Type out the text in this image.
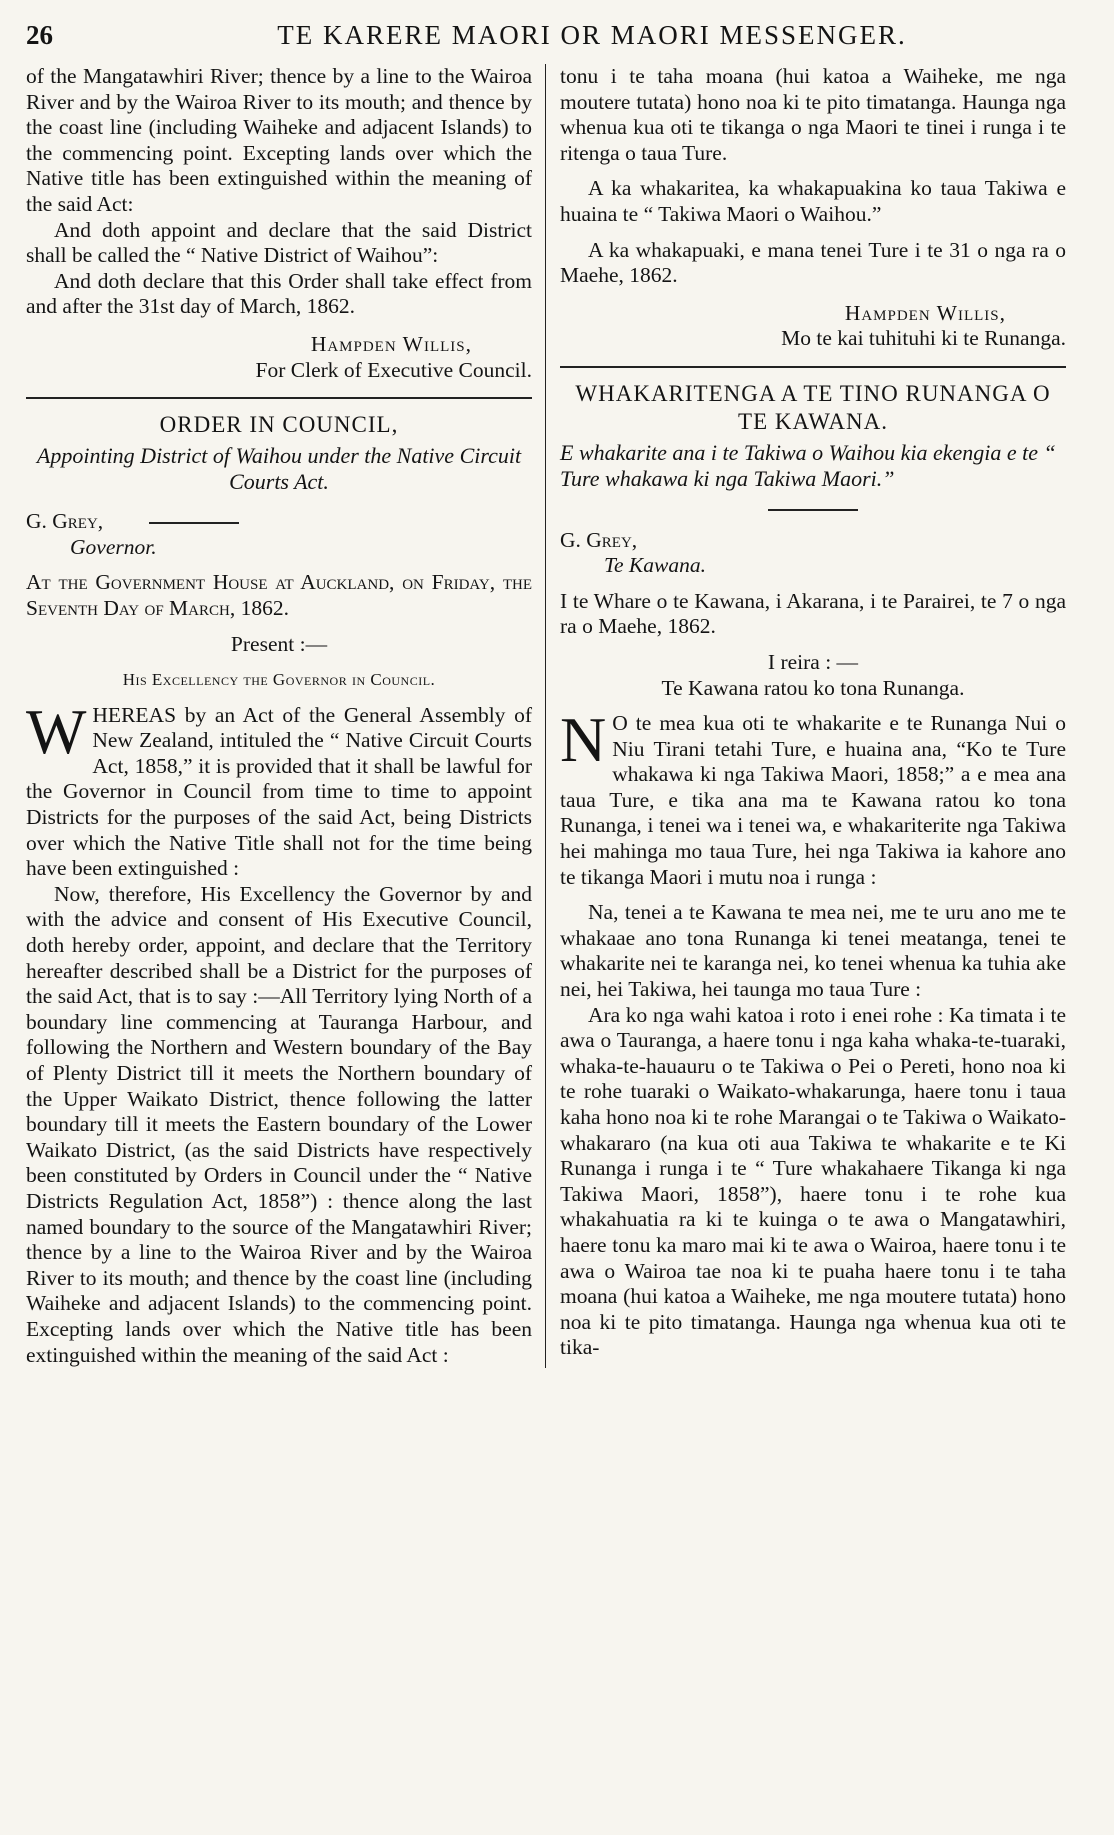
26	TE KARERE MAORI OR MAORI MESSENGER.

of the Mangatawhiri River; thence by a line to the Wairoa River and by the Wairoa River to its mouth; and thence by the coast line (including Waiheke and adjacent Islands) to the commencing point. Excepting lands over which the Native title has been extinguished within the meaning of the said Act:

And doth appoint and declare that the said District shall be called the “ Native District of Waihou”:

And doth declare that this Order shall take effect from and after the 31st day of March, 1862.

Hampden Willis,
For Clerk of Executive Council.
ORDER IN COUNCIL,
Appointing District of Waihou under the Native Circuit Courts Act.
G. Grey,
Governor.

At the Government House at Auckland, on Friday, the Seventh Day of March, 1862.

Present :—

His Excellency the Governor in Council.

W HEREAS by an Act of the General Assembly of New Zealand, intituled the “ Native Circuit Courts Act, 1858,” it is provided that it shall be lawful for the Governor in Council from time to time to appoint Districts for the purposes of the said Act, being Districts over which the Native Title shall not for the time being have been extinguished :

Now, therefore, His Excellency the Governor by and with the advice and consent of His Executive Council, doth hereby order, appoint, and declare that the Territory hereafter described shall be a District for the purposes of the said Act, that is to say :—All Territory lying North of a boundary line commencing at Tauranga Harbour, and following the Northern and Western boundary of the Bay of Plenty District till it meets the Northern boundary of the Upper Waikato District, thence following the latter boundary till it meets the Eastern boundary of the Lower Waikato District, (as the said Districts have respectively been constituted by Orders in Council under the “ Native Districts Regulation Act, 1858”) : thence along the last named boundary to the source of the Mangatawhiri River; thence by a line to the Wairoa River and by the Wairoa River to its mouth; and thence by the coast line (including Waiheke and adjacent Islands) to the commencing point. Excepting lands over which the Native title has been extinguished within the meaning of the said Act :

tonu i te taha moana (hui katoa a Waiheke, me nga moutere tutata) hono noa ki te pito timatanga. Haunga nga whenua kua oti te tikanga o nga Maori te tinei i runga i te ritenga o taua Ture.

A ka whakaritea, ka whakapuakina ko taua Takiwa e huaina te “ Takiwa Maori o Waihou.”

A ka whakapuaki, e mana tenei Ture i te 31 o nga ra o Maehe, 1862.

Hampden Willis,
Mo te kai tuhituhi ki te Runanga.
WHAKARITENGA A TE TINO RUNANGA O TE KAWANA.
E whakarite ana i te Takiwa o Waihou kia ekengia e te “ Ture whakawa ki nga Takiwa Maori.”
G. Grey,
Te Kawana.

I te Whare o te Kawana, i Akarana, i te Parairei, te 7 o nga ra o Maehe, 1862.

I reira : —

Te Kawana ratou ko tona Runanga.

N O te mea kua oti te whakarite e te Runanga Nui o Niu Tirani tetahi Ture, e huaina ana, “Ko te Ture whakawa ki nga Takiwa Maori, 1858;” a e mea ana taua Ture, e tika ana ma te Kawana ratou ko tona Runanga, i tenei wa i tenei wa, e whakariterite nga Takiwa hei mahinga mo taua Ture, hei nga Takiwa ia kahore ano te tikanga Maori i mutu noa i runga :

Na, tenei a te Kawana te mea nei, me te uru ano me te whakaae ano tona Runanga ki tenei meatanga, tenei te whakarite nei te karanga nei, ko tenei whenua ka tuhia ake nei, hei Takiwa, hei taunga mo taua Ture :

Ara ko nga wahi katoa i roto i enei rohe : Ka timata i te awa o Tauranga, a haere tonu i nga kaha whaka-te-tuaraki, whaka-te-hauauru o te Takiwa o Pei o Pereti, hono noa ki te rohe tuaraki o Waikato-whakarunga, haere tonu i taua kaha hono noa ki te rohe Marangai o te Takiwa o Waikato-whakararo (na kua oti aua Takiwa te whakarite e te Ki Runanga i runga i te “ Ture whakahaere Tikanga ki nga Takiwa Maori, 1858”), haere tonu i te rohe kua whakahuatia ra ki te kuinga o te awa o Mangatawhiri, haere tonu ka maro mai ki te awa o Wairoa, haere tonu i te awa o Wairoa tae noa ki te puaha haere tonu i te taha moana (hui katoa a Waiheke, me nga moutere tutata) hono noa ki te pito timatanga. Haunga nga whenua kua oti te tika-
